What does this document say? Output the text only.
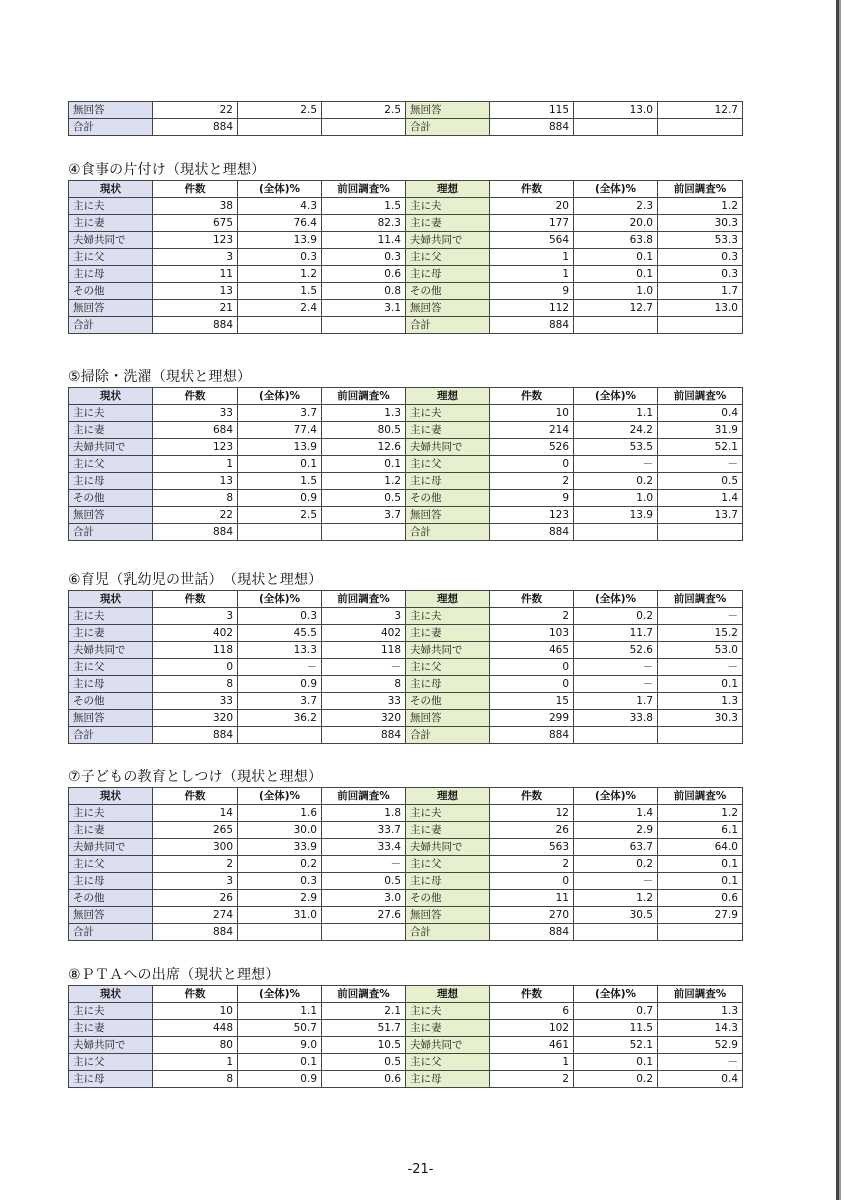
無回答	22	2.5	2.5	無回答	115	13.0	12.7
合計	884			合計	884		
④食事の片付け（現状と理想）
現状	件数	(全体)%	前回調査%	理想	件数	(全体)%	前回調査%
主に夫	38	4.3	1.5	主に夫	20	2.3	1.2
主に妻	675	76.4	82.3	主に妻	177	20.0	30.3
夫婦共同で	123	13.9	11.4	夫婦共同で	564	63.8	53.3
主に父	3	0.3	0.3	主に父	1	0.1	0.3
主に母	11	1.2	0.6	主に母	1	0.1	0.3
その他	13	1.5	0.8	その他	9	1.0	1.7
無回答	21	2.4	3.1	無回答	112	12.7	13.0
合計	884			合計	884		
⑤掃除・洗濯（現状と理想）
現状	件数	(全体)%	前回調査%	理想	件数	(全体)%	前回調査%
主に夫	33	3.7	1.3	主に夫	10	1.1	0.4
主に妻	684	77.4	80.5	主に妻	214	24.2	31.9
夫婦共同で	123	13.9	12.6	夫婦共同で	526	53.5	52.1
主に父	1	0.1	0.1	主に父	0	－	－
主に母	13	1.5	1.2	主に母	2	0.2	0.5
その他	8	0.9	0.5	その他	9	1.0	1.4
無回答	22	2.5	3.7	無回答	123	13.9	13.7
合計	884			合計	884		
⑥育児（乳幼児の世話）　（現状と理想）
現状	件数	(全体)%	前回調査%	理想	件数	(全体)%	前回調査%
主に夫	3	0.3	3	主に夫	2	0.2	－
主に妻	402	45.5	402	主に妻	103	11.7	15.2
夫婦共同で	118	13.3	118	夫婦共同で	465	52.6	53.0
主に父	0	－	－	主に父	0	－	－
主に母	8	0.9	8	主に母	0	－	0.1
その他	33	3.7	33	その他	15	1.7	1.3
無回答	320	36.2	320	無回答	299	33.8	30.3
合計	884		884	合計	884		
⑦子どもの教育としつけ（現状と理想）
現状	件数	(全体)%	前回調査%	理想	件数	(全体)%	前回調査%
主に夫	14	1.6	1.8	主に夫	12	1.4	1.2
主に妻	265	30.0	33.7	主に妻	26	2.9	6.1
夫婦共同で	300	33.9	33.4	夫婦共同で	563	63.7	64.0
主に父	2	0.2	－	主に父	2	0.2	0.1
主に母	3	0.3	0.5	主に母	0	－	0.1
その他	26	2.9	3.0	その他	11	1.2	0.6
無回答	274	31.0	27.6	無回答	270	30.5	27.9
合計	884			合計	884		
⑧ＰＴＡへの出席（現状と理想）
現状	件数	(全体)%	前回調査%	理想	件数	(全体)%	前回調査%
主に夫	10	1.1	2.1	主に夫	6	0.7	1.3
主に妻	448	50.7	51.7	主に妻	102	11.5	14.3
夫婦共同で	80	9.0	10.5	夫婦共同で	461	52.1	52.9
主に父	1	0.1	0.5	主に父	1	0.1	－
主に母	8	0.9	0.6	主に母	2	0.2	0.4
-21-
